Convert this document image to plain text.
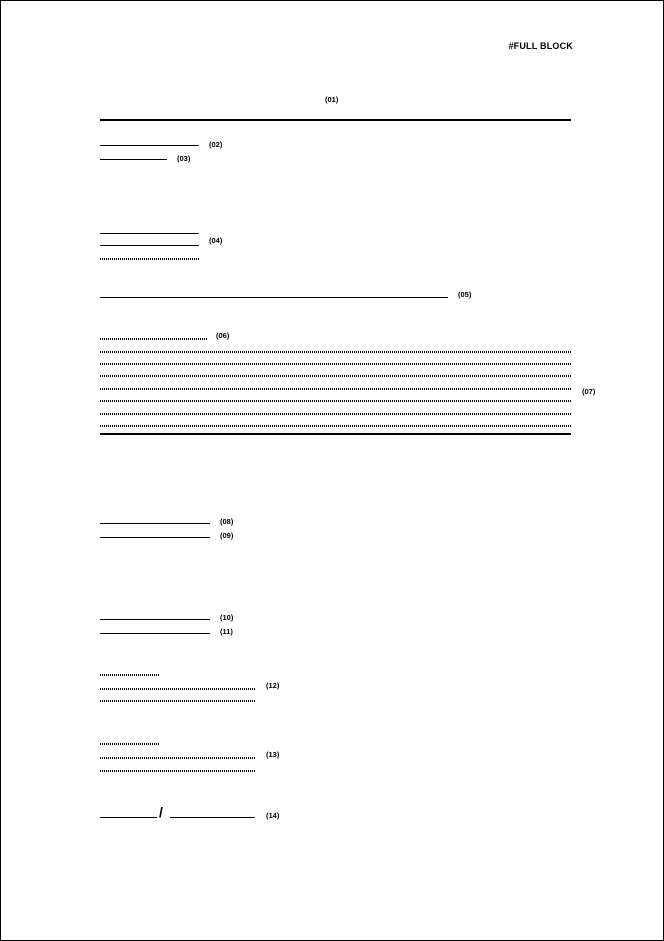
#FULL BLOCK
(01)
(02)
(03)
(04)
(05)
(06)
(07)
(08)
(09)
(10)
(11)
(12)
(13)
(14)
/
